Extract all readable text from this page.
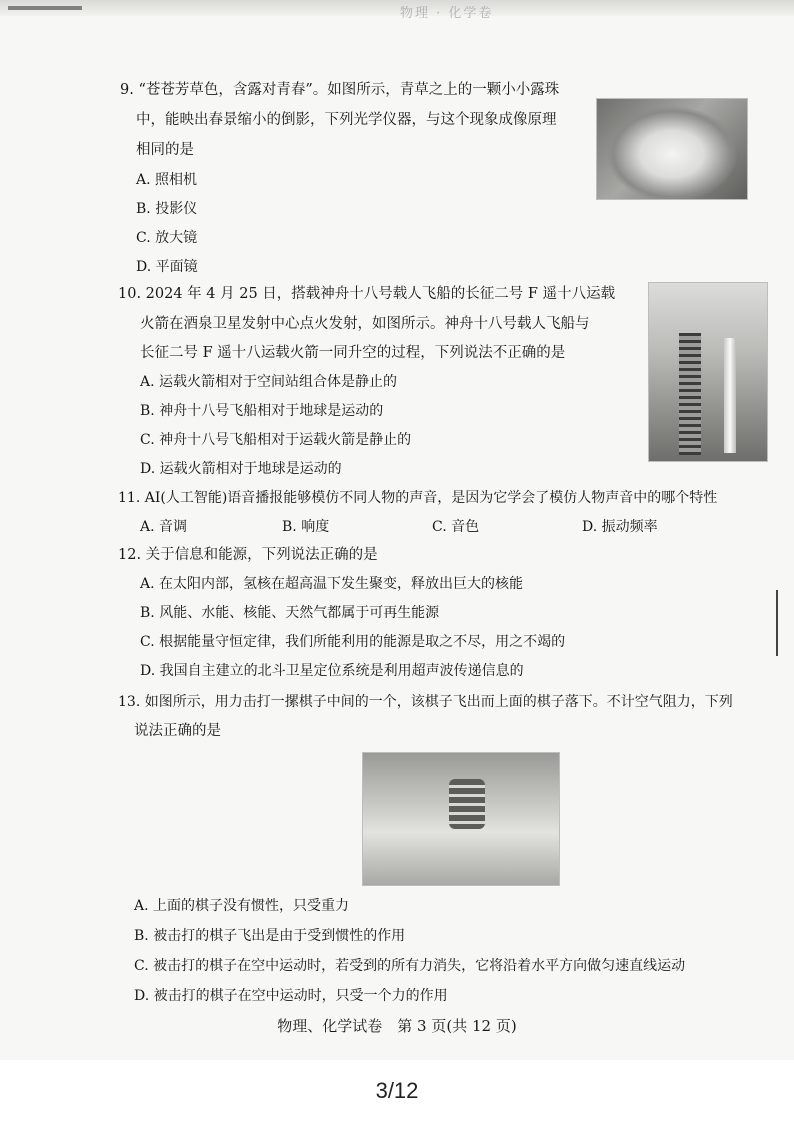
物理 · 化学卷
9. “苍苍芳草色，含露对青春”。如图所示，青草之上的一颗小小露珠
中，能映出春景缩小的倒影，下列光学仪器，与这个现象成像原理
相同的是
A. 照相机
B. 投影仪
C. 放大镜
D. 平面镜
10. 2024 年 4 月 25 日，搭载神舟十八号载人飞船的长征二号 F 遥十八运载
火箭在酒泉卫星发射中心点火发射，如图所示。神舟十八号载人飞船与
长征二号 F 遥十八运载火箭一同升空的过程，下列说法不正确的是
A. 运载火箭相对于空间站组合体是静止的
B. 神舟十八号飞船相对于地球是运动的
C. 神舟十八号飞船相对于运载火箭是静止的
D. 运载火箭相对于地球是运动的
11. AI(人工智能)语音播报能够模仿不同人物的声音，是因为它学会了模仿人物声音中的哪个特性
A. 音调	B. 响度	C. 音色	D. 振动频率
12. 关于信息和能源，下列说法正确的是
A. 在太阳内部，氢核在超高温下发生聚变，释放出巨大的核能
B. 风能、水能、核能、天然气都属于可再生能源
C. 根据能量守恒定律，我们所能利用的能源是取之不尽，用之不竭的
D. 我国自主建立的北斗卫星定位系统是利用超声波传递信息的
13. 如图所示，用力击打一摞棋子中间的一个，该棋子飞出而上面的棋子落下。不计空气阻力，下列
说法正确的是
A. 上面的棋子没有惯性，只受重力
B. 被击打的棋子飞出是由于受到惯性的作用
C. 被击打的棋子在空中运动时，若受到的所有力消失，它将沿着水平方向做匀速直线运动
D. 被击打的棋子在空中运动时，只受一个力的作用
物理、化学试卷　第 3 页(共 12 页)
3/12
